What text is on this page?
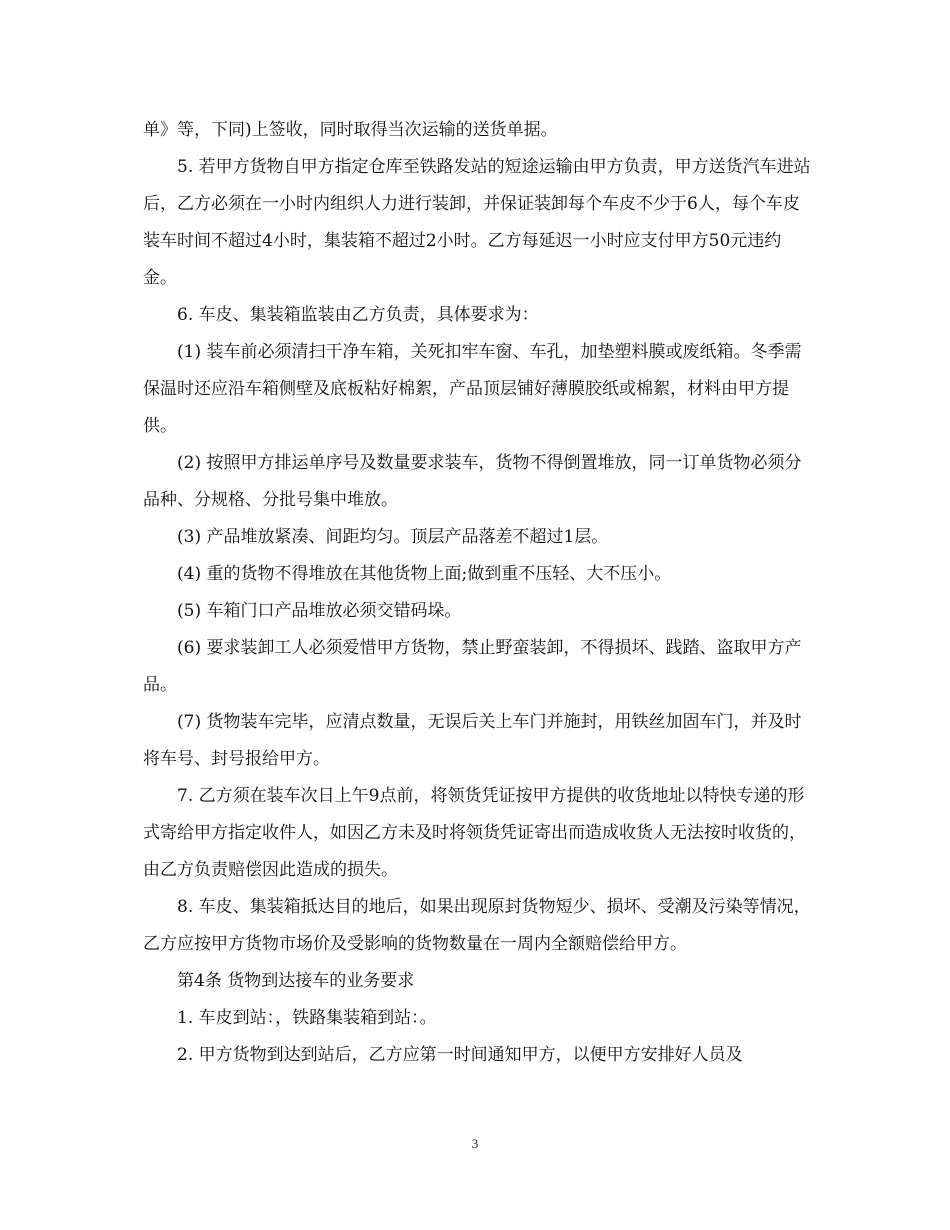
单》等，下同)上签收，同时取得当次运输的送货单据。

5. 若甲方货物自甲方指定仓库至铁路发站的短途运输由甲方负责，甲方送货汽车进站后，乙方必须在一小时内组织人力进行装卸，并保证装卸每个车皮不少于6人，每个车皮装车时间不超过4小时，集装箱不超过2小时。乙方每延迟一小时应支付甲方50元违约金。

6. 车皮、集装箱监装由乙方负责，具体要求为：

(1) 装车前必须清扫干净车箱，关死扣牢车窗、车孔，加垫塑料膜或废纸箱。冬季需保温时还应沿车箱侧壁及底板粘好棉絮，产品顶层铺好薄膜胶纸或棉絮，材料由甲方提供。

(2) 按照甲方排运单序号及数量要求装车，货物不得倒置堆放，同一订单货物必须分品种、分规格、分批号集中堆放。

(3) 产品堆放紧凑、间距均匀。顶层产品落差不超过1层。

(4) 重的货物不得堆放在其他货物上面;做到重不压轻、大不压小。

(5) 车箱门口产品堆放必须交错码垛。

(6) 要求装卸工人必须爱惜甲方货物，禁止野蛮装卸，不得损坏、践踏、盗取甲方产品。

(7) 货物装车完毕，应清点数量，无误后关上车门并施封，用铁丝加固车门，并及时将车号、封号报给甲方。

7. 乙方须在装车次日上午9点前，将领货凭证按甲方提供的收货地址以特快专递的形式寄给甲方指定收件人，如因乙方未及时将领货凭证寄出而造成收货人无法按时收货的，由乙方负责赔偿因此造成的损失。

8. 车皮、集装箱抵达目的地后，如果出现原封货物短少、损坏、受潮及污染等情况，乙方应按甲方货物市场价及受影响的货物数量在一周内全额赔偿给甲方。

第4条 货物到达接车的业务要求

1. 车皮到站：，铁路集装箱到站：。

2. 甲方货物到达到站后，乙方应第一时间通知甲方，以便甲方安排好人员及

3
